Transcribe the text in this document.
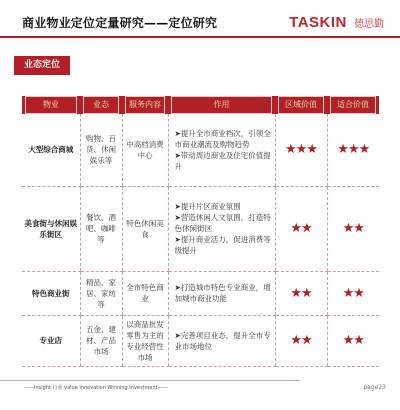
商业物业定位定量研究——定位研究	TASKIN 德思勤
业态定位
物业	业态	服务内容	作用	区域价值	适合价值

大型综合商城	购物、百货、休闲娱乐等	中高档消费中心	➤提升全市商业档次，引领全市商业潮流及购物趋势
➤带动周边商业及住宅价值提升	★★★	★★★
美食街与休闲娱乐街区	餐饮、酒吧、咖啡等	特色休闲美食	➤提升片区商业氛围
➤营造休闲人文氛围，打造特色休闲街区
➤提升商业活力，促进消费等级提升	★★	★★
特色商业街	精品、家居、家纺等	全市特色商业	➤打造城市特色专业商业，增加城市商业功能	★★	★★
专业店	五金、建材、产品市场	以商品批发零售为主的专业经营性市场	➤完善项目业态，提升全市专业市场地位	★★	★★
——Insight 行业 value Innovation Winning Investment——	page23
